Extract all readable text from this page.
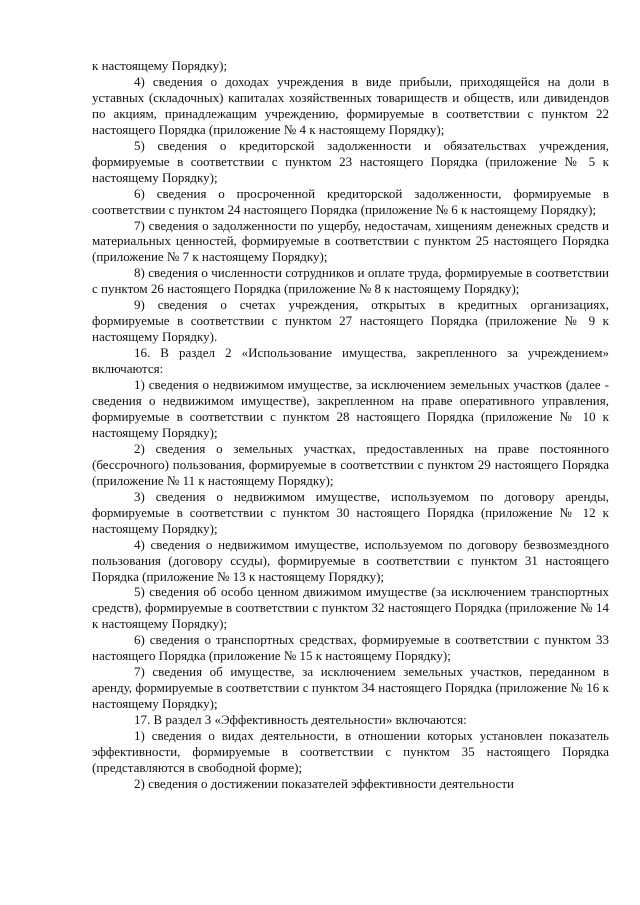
к настоящему Порядку);

4) сведения о доходах учреждения в виде прибыли, приходящейся на доли в уставных (складочных) капиталах хозяйственных товариществ и обществ, или дивидендов по акциям, принадлежащим учреждению, формируемые в соответствии с пунктом 22 настоящего Порядка (приложение № 4 к настоящему Порядку);

5) сведения о кредиторской задолженности и обязательствах учреждения, формируемые в соответствии с пунктом 23 настоящего Порядка (приложение № 5 к настоящему Порядку);

6) сведения о просроченной кредиторской задолженности, формируемые в соответствии с пунктом 24 настоящего Порядка (приложение № 6 к настоящему Порядку);

7) сведения о задолженности по ущербу, недостачам, хищениям денежных средств и материальных ценностей, формируемые в соответствии с пунктом 25 настоящего Порядка (приложение № 7 к настоящему Порядку);

8) сведения о численности сотрудников и оплате труда, формируемые в соответствии с пунктом 26 настоящего Порядка (приложение № 8 к настоящему Порядку);

9) сведения о счетах учреждения, открытых в кредитных организациях, формируемые в соответствии с пунктом 27 настоящего Порядка (приложение № 9 к настоящему Порядку).

16. В раздел 2 «Использование имущества, закрепленного за учреждением» включаются:

1) сведения о недвижимом имуществе, за исключением земельных участков (далее - сведения о недвижимом имуществе), закрепленном на праве оперативного управления, формируемые в соответствии с пунктом 28 настоящего Порядка (приложение № 10 к настоящему Порядку);

2) сведения о земельных участках, предоставленных на праве постоянного (бессрочного) пользования, формируемые в соответствии с пунктом 29 настоящего Порядка (приложение № 11 к настоящему Порядку);

3) сведения о недвижимом имуществе, используемом по договору аренды, формируемые в соответствии с пунктом 30 настоящего Порядка (приложение № 12 к настоящему Порядку);

4) сведения о недвижимом имуществе, используемом по договору безвозмездного пользования (договору ссуды), формируемые в соответствии с пунктом 31 настоящего Порядка (приложение № 13 к настоящему Порядку);

5) сведения об особо ценном движимом имуществе (за исключением транспортных средств), формируемые в соответствии с пунктом 32 настоящего Порядка (приложение № 14 к настоящему Порядку);

6) сведения о транспортных средствах, формируемые в соответствии с пунктом 33 настоящего Порядка (приложение № 15 к настоящему Порядку);

7) сведения об имуществе, за исключением земельных участков, переданном в аренду, формируемые в соответствии с пунктом 34 настоящего Порядка (приложение № 16 к настоящему Порядку);

17. В раздел 3 «Эффективность деятельности» включаются:

1) сведения о видах деятельности, в отношении которых установлен показатель эффективности, формируемые в соответствии с пунктом 35 настоящего Порядка (представляются в свободной форме);

2) сведения о достижении показателей эффективности деятельности
